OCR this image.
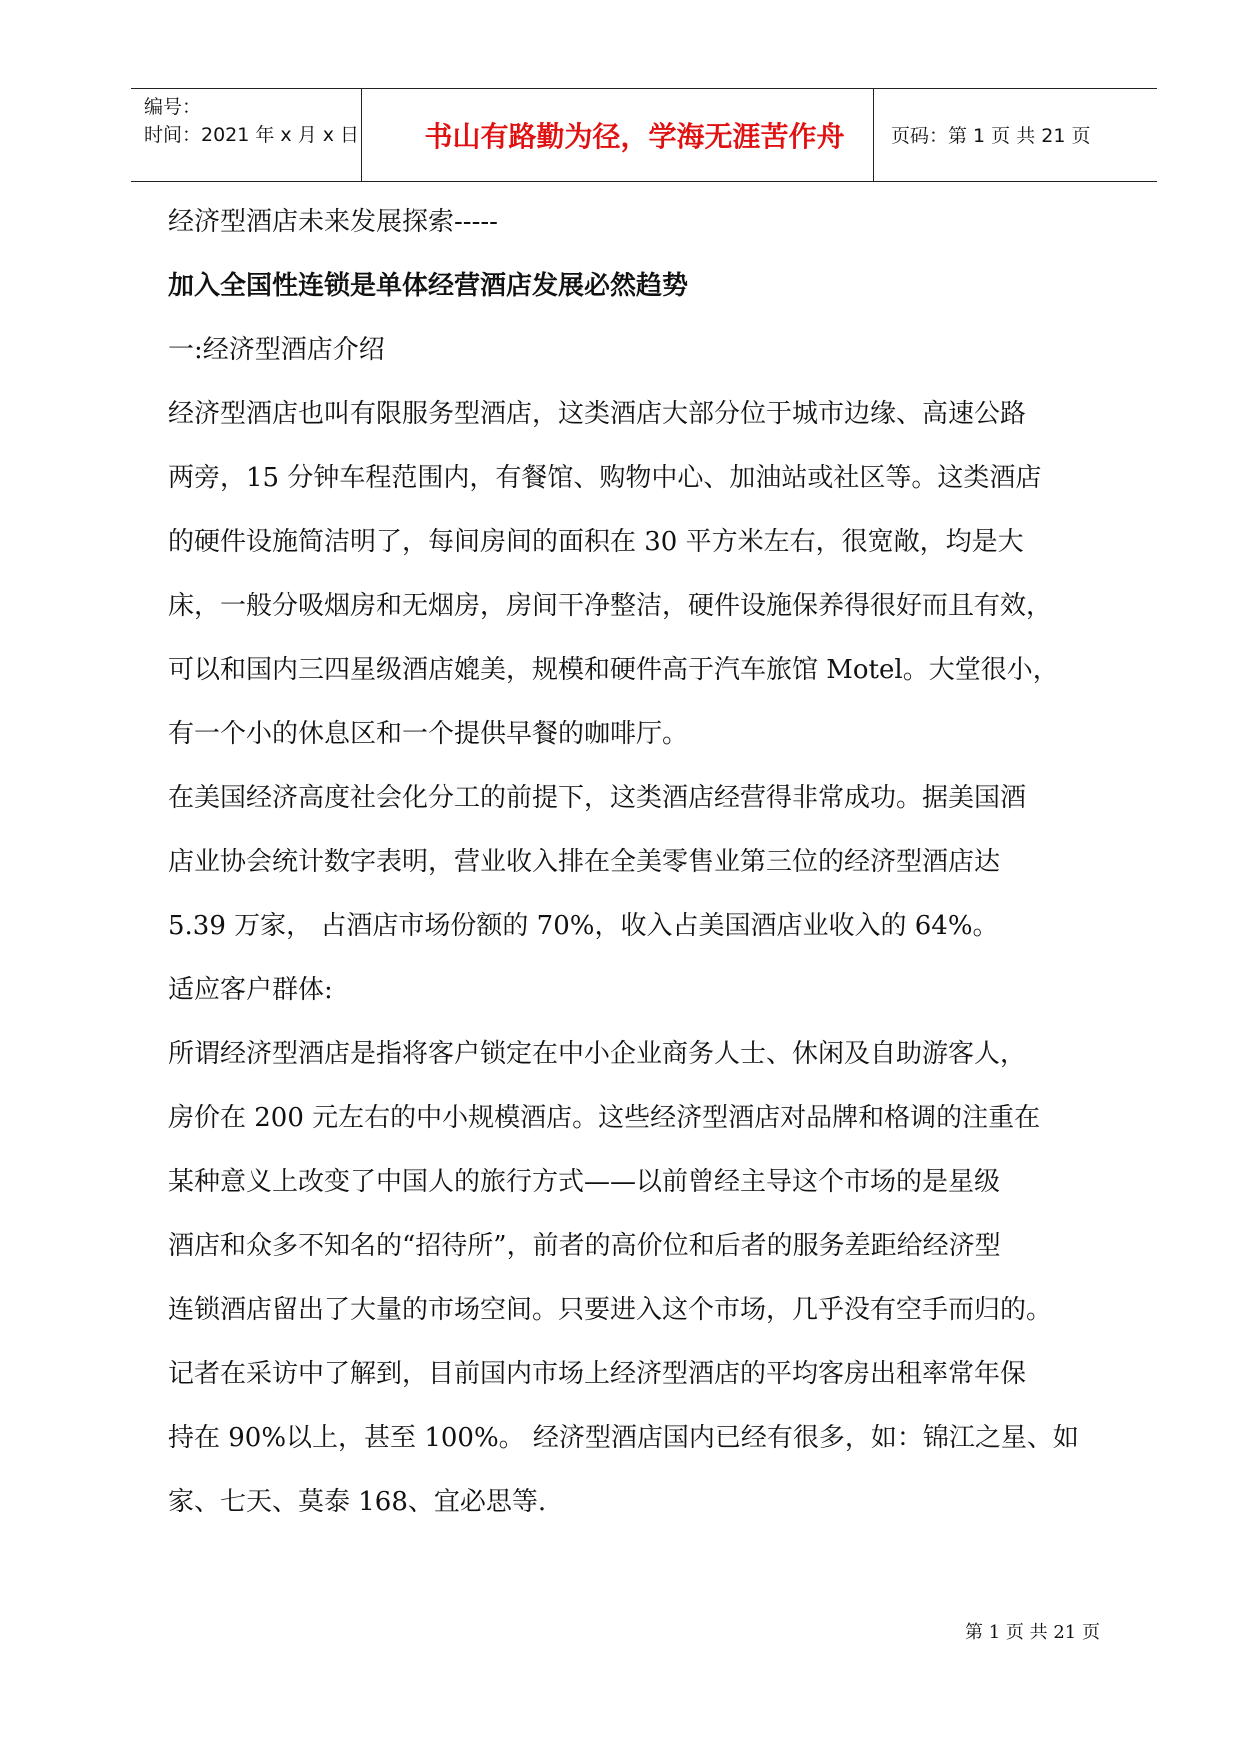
编号：
时间：2021 年 x 月 x 日	书山有路勤为径，学海无涯苦作舟	页码：第 1 页 共 21 页

经济型酒店未来发展探索-----

加入全国性连锁是单体经营酒店发展必然趋势

一:经济型酒店介绍

经济型酒店也叫有限服务型酒店，这类酒店大部分位于城市边缘、高速公路

两旁，15 分钟车程范围内，有餐馆、购物中心、加油站或社区等。这类酒店

的硬件设施简洁明了，每间房间的面积在 30 平方米左右，很宽敞，均是大

床，一般分吸烟房和无烟房，房间干净整洁，硬件设施保养得很好而且有效，

可以和国内三四星级酒店媲美，规模和硬件高于汽车旅馆 Motel。大堂很小，

有一个小的休息区和一个提供早餐的咖啡厅。

在美国经济高度社会化分工的前提下，这类酒店经营得非常成功。据美国酒

店业协会统计数字表明，营业收入排在全美零售业第三位的经济型酒店达

5.39 万家， 占酒店市场份额的 70%，收入占美国酒店业收入的 64%。

适应客户群体:

所谓经济型酒店是指将客户锁定在中小企业商务人士、休闲及自助游客人，

房价在 200 元左右的中小规模酒店。这些经济型酒店对品牌和格调的注重在

某种意义上改变了中国人的旅行方式——以前曾经主导这个市场的是星级

酒店和众多不知名的“招待所”，前者的高价位和后者的服务差距给经济型

连锁酒店留出了大量的市场空间。只要进入这个市场，几乎没有空手而归的。

记者在采访中了解到，目前国内市场上经济型酒店的平均客房出租率常年保

持在 90%以上，甚至 100%。 经济型酒店国内已经有很多，如：锦江之星、如

家、七天、莫泰 168、宜必思等.

第 1 页 共 21 页
